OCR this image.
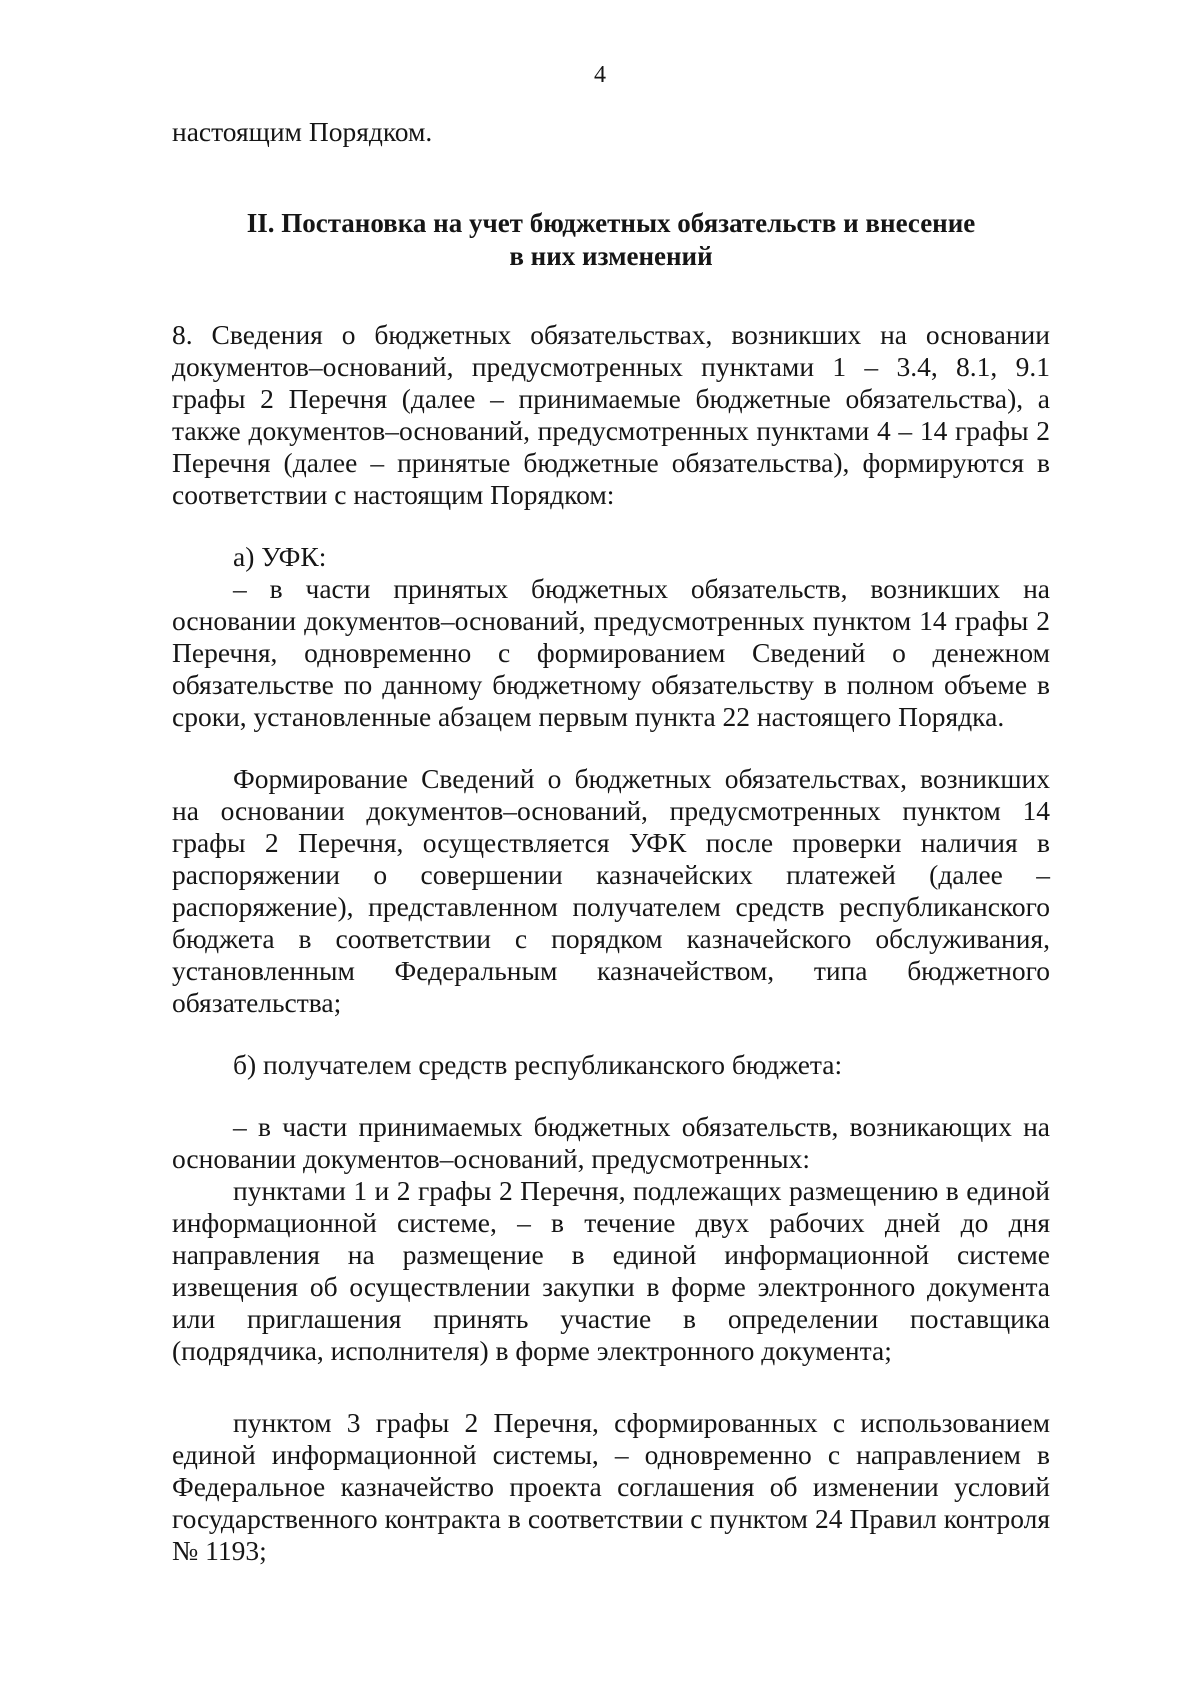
4

настоящим Порядком.

II. Постановка на учет бюджетных обязательств и внесение
в них изменений

8. Сведения о бюджетных обязательствах, возникших на основании документов–оснований, предусмотренных пунктами 1 – 3.4, 8.1, 9.1 графы 2 Перечня (далее – принимаемые бюджетные обязательства), а также документов–оснований, предусмотренных пунктами 4 – 14 графы 2 Перечня (далее – принятые бюджетные обязательства), формируются в соответствии с настоящим Порядком:

а) УФК:

– в части принятых бюджетных обязательств, возникших на основании документов–оснований, предусмотренных пунктом 14 графы 2 Перечня, одновременно с формированием Сведений о денежном обязательстве по данному бюджетному обязательству в полном объеме в сроки, установленные абзацем первым пункта 22 настоящего Порядка.

Формирование Сведений о бюджетных обязательствах, возникших на основании документов–оснований, предусмотренных пунктом 14 графы 2 Перечня, осуществляется УФК после проверки наличия в распоряжении о совершении казначейских платежей (далее – распоряжение), представленном получателем средств республиканского бюджета в соответствии с порядком казначейского обслуживания, установленным Федеральным казначейством, типа бюджетного обязательства;

б) получателем средств республиканского бюджета:

– в части принимаемых бюджетных обязательств, возникающих на основании документов–оснований, предусмотренных:

пунктами 1 и 2 графы 2 Перечня, подлежащих размещению в единой информационной системе, – в течение двух рабочих дней до дня направления на размещение в единой информационной системе извещения об осуществлении закупки в форме электронного документа или приглашения принять участие в определении поставщика (подрядчика, исполнителя) в форме электронного документа;

пунктом 3 графы 2 Перечня, сформированных с использованием единой информационной системы, – одновременно с направлением в Федеральное казначейство проекта соглашения об изменении условий государственного контракта в соответствии с пунктом 24 Правил контроля № 1193;
